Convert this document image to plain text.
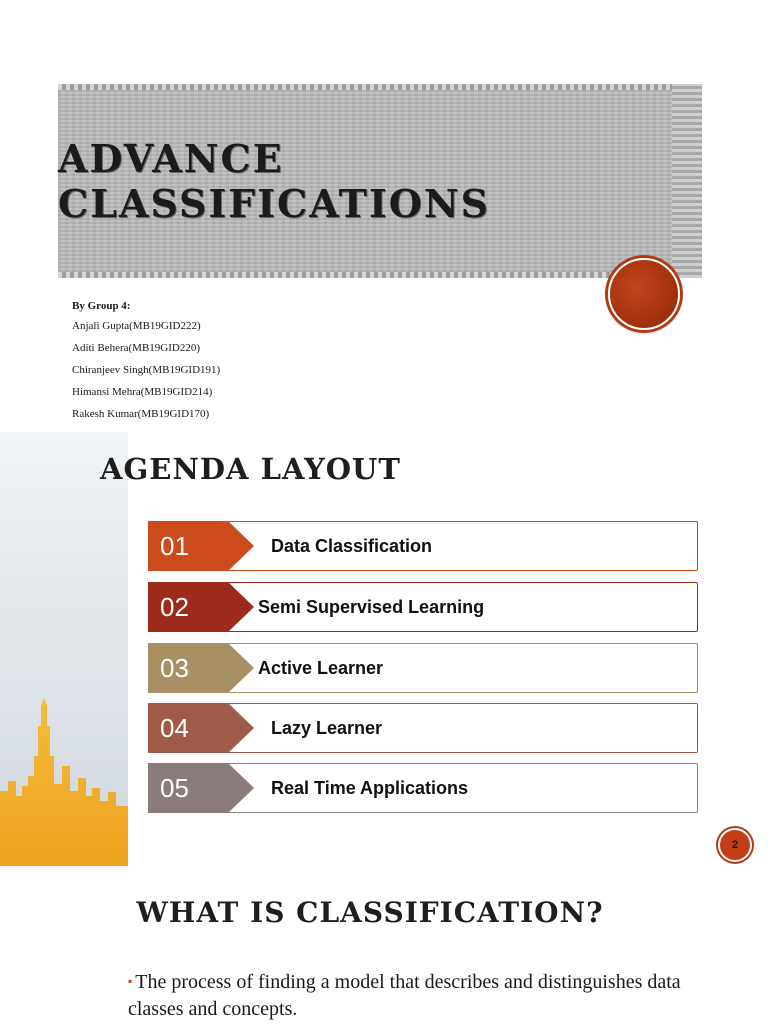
ADVANCE CLASSIFICATIONS
By Group 4:
Anjali Gupta(MB19GID222)
Aditi Behera(MB19GID220)
Chiranjeev Singh(MB19GID191)
Himansi Mehra(MB19GID214)
Rakesh Kumar(MB19GID170)
AGENDA LAYOUT
01	Data Classification
02	Semi Supervised Learning
03	Active Learner
04	Lazy Learner
05	Real Time Applications
2
WHAT IS CLASSIFICATION?
▪ The process of finding a model that describes and distinguishes data classes and concepts.
